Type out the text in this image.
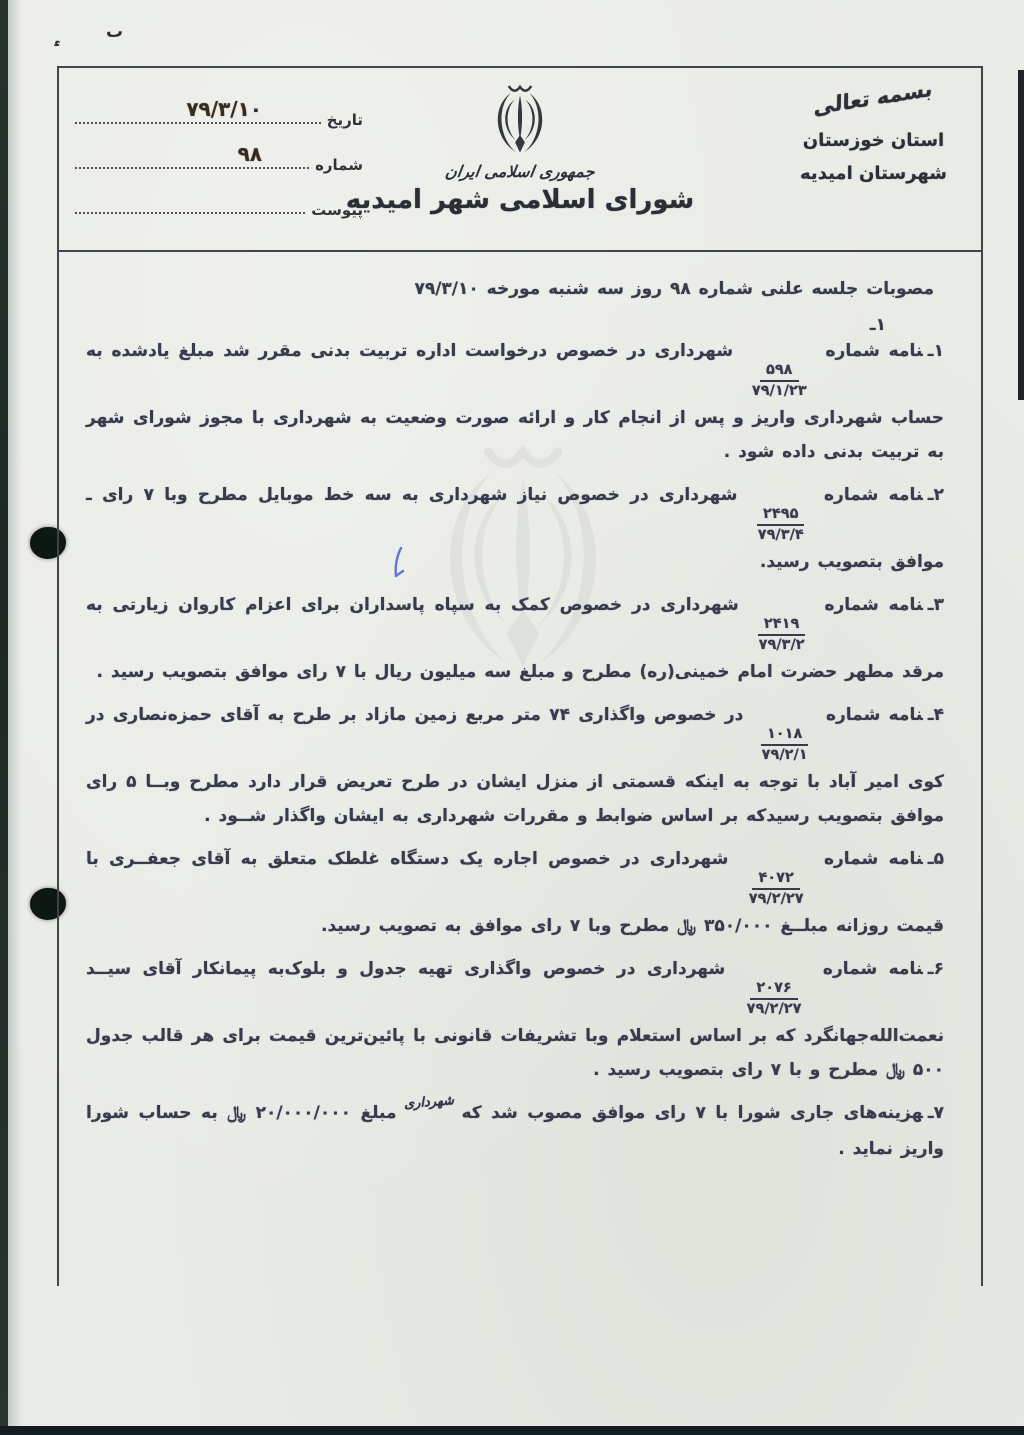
ء
ٮ
تاریخ
۷۹/۳/۱۰
شماره
۹۸
پیوست
جمهوری اسلامی ایران
شورای اسلامی شهر امیدیه
بسمه تعالی
استان خوزستان
شهرستان امیدیه
مصوبات جلسه علنی شماره ۹۸ روز سه شنبه مورخه ۷۹/۳/۱۰
۱ـ

۱ـنامه شماره
$\frac{۵۹۸}{۷۹/۱/۲۳}$
شهرداری در خصوص درخواست اداره تربیت بدنی مقرر شد مبلغ یادشده به حساب شهرداری واریز و پس از انجام کار و ارائه صورت وضعیت به شهرداری با مجوز شورای شهر به تربیت بدنی داده شود .

۲ـنامه شماره
$\frac{۲۴۹۵}{۷۹/۳/۴}$
شهرداری در خصوص نیاز شهرداری به سه خط موبایل مطرح وبا ۷ رای ـ موافق بتصویب رسید.

۳ـنامه شماره
$\frac{۲۴۱۹}{۷۹/۳/۲}$
شهرداری در خصوص کمک به سپاه پاسداران برای اعزام کاروان زیارتی به مرقد مطهر حضرت امام خمینی(ره) مطرح و مبلغ سه میلیون ریال با ۷ رای موافق بتصویب رسید .

۴ـنامه شماره
$\frac{۱۰۱۸}{۷۹/۲/۱}$
در خصوص واگذاری ۷۴ متر مربع زمین مازاد بر طرح به آقای حمزه‌نصاری در کوی امیر آباد با توجه به اینکه قسمتی از منزل ایشان در طرح تعریض قرار دارد مطرح وبــا ۵ رای موافق بتصویب رسیدکه بر اساس ضوابط و مقررات شهرداری به ایشان واگذار شــود .

۵ـنامه شماره
$\frac{۴۰۷۲}{۷۹/۲/۲۷}$
شهرداری در خصوص اجاره یک دستگاه غلطک متعلق به آقای جعفــری با قیمت روزانه مبلــغ ۳۵۰/۰۰۰ ﷼ مطرح وبا ۷ رای موافق به تصویب رسید.

۶ـنامه شماره
$\frac{۲۰۷۶}{۷۹/۲/۲۷}$
شهرداری در خصوص واگذاری تهیه جدول و بلوک‌به پیمانکار آقای سیــد نعمت‌الله‌جهانگرد که بر اساس استعلام وبا تشریفات قانونی با پائین‌ترین قیمت برای هر قالب جدول ۵۰۰ ﷼ مطرح و با ۷ رای بتصویب رسید .

۷ـهزینه‌های جاری شورا با ۷ رای موافق مصوب شد که شهرداری مبلغ ۲۰/۰۰۰/۰۰۰ ﷼ به حساب شورا واریز نماید .
